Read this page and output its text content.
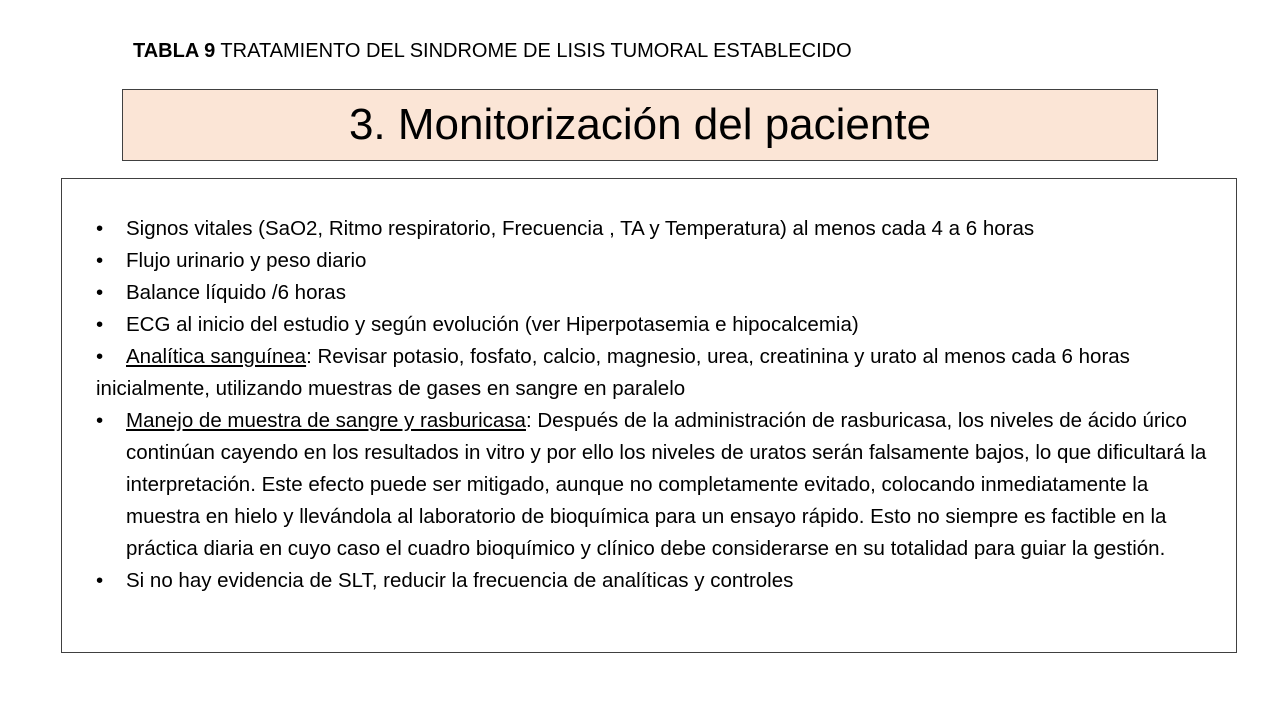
TABLA 9 TRATAMIENTO DEL SINDROME DE LISIS TUMORAL ESTABLECIDO
3. Monitorización del paciente
•	Signos vitales (SaO2, Ritmo respiratorio, Frecuencia , TA y Temperatura) al menos cada 4 a 6 horas
•	Flujo urinario y peso diario
•	Balance líquido /6 horas
•	ECG al inicio del estudio y según evolución (ver Hiperpotasemia e hipocalcemia)
•	Analítica sanguínea: Revisar potasio, fosfato, calcio, magnesio, urea, creatinina y urato al menos cada 6 horas inicialmente, utilizando muestras de gases en sangre en paralelo
•	Manejo de muestra de sangre y rasburicasa: Después de la administración de rasburicasa, los niveles de ácido úrico continúan cayendo en los resultados in vitro y por ello los niveles de uratos serán falsamente bajos, lo que dificultará la interpretación. Este efecto puede ser mitigado, aunque no completamente evitado, colocando inmediatamente la muestra en hielo y llevándola al laboratorio de bioquímica para un ensayo rápido. Esto no siempre es factible en la práctica diaria en cuyo caso el cuadro bioquímico y clínico debe considerarse en su totalidad para guiar la gestión.
•	Si no hay evidencia de SLT, reducir la frecuencia de analíticas y controles
